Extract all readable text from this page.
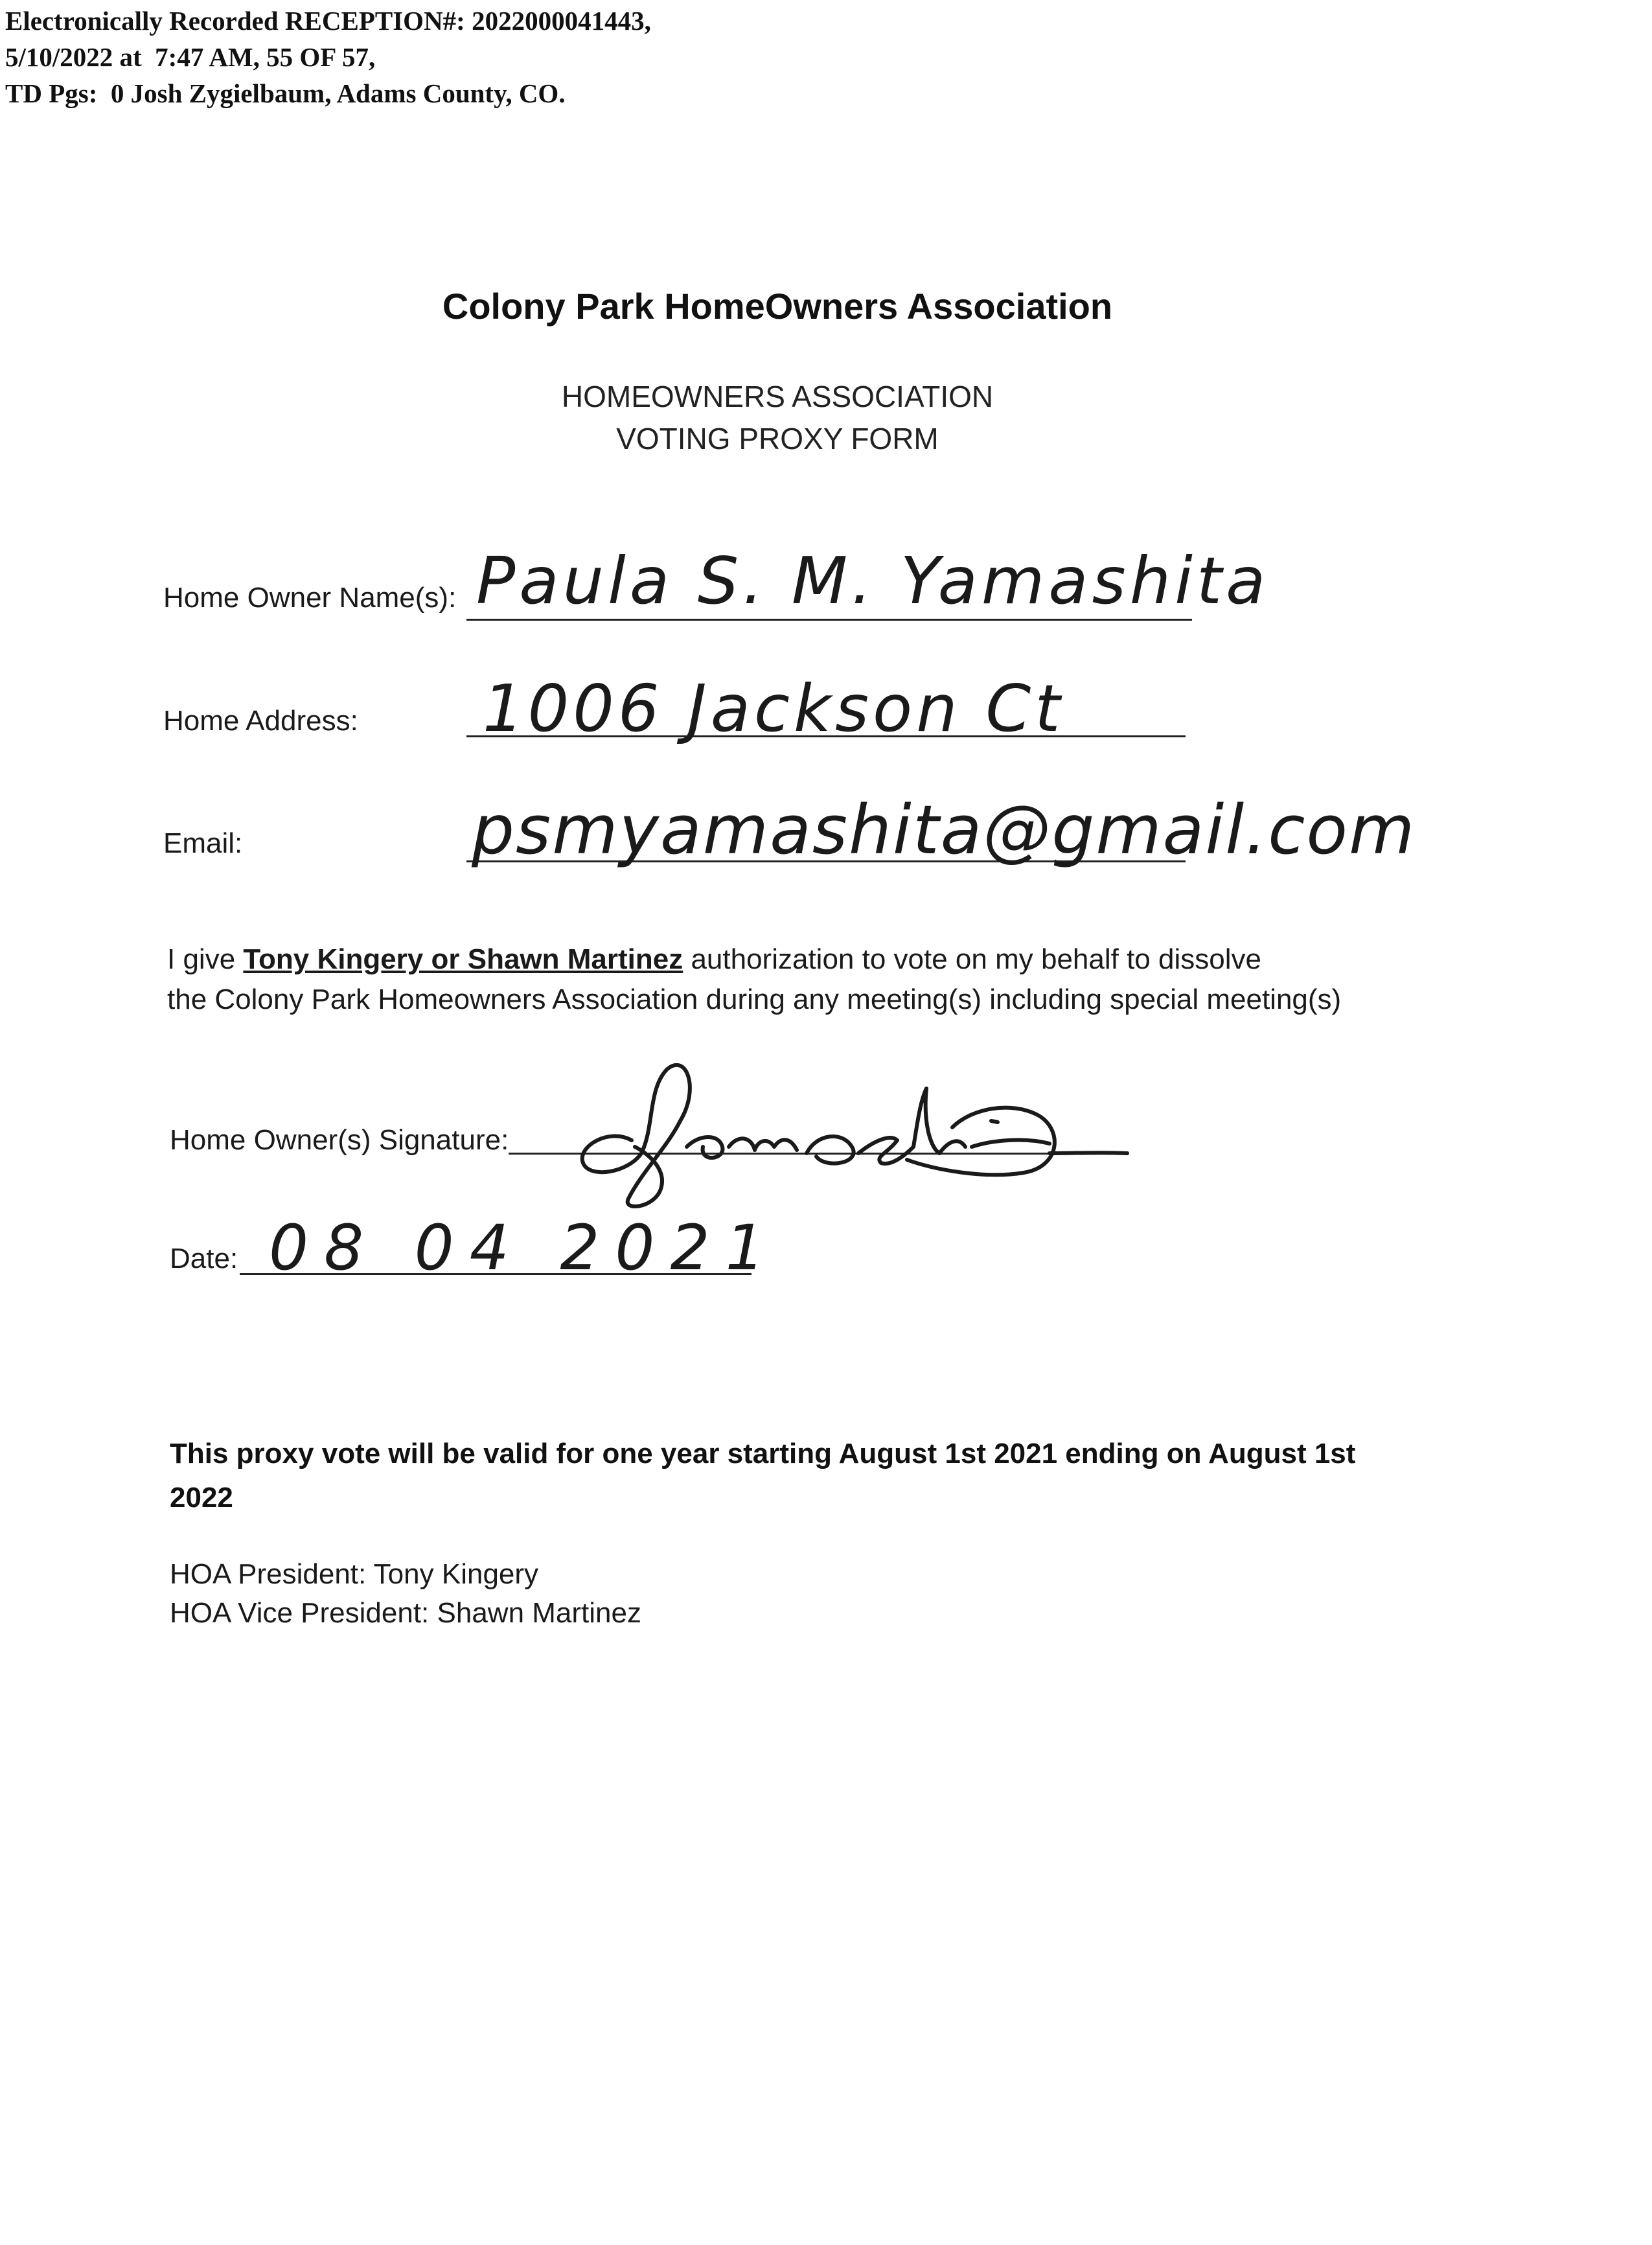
Electronically Recorded RECEPTION#: 2022000041443,
5/10/2022 at  7:47 AM, 55 OF 57,
TD Pgs:  0 Josh Zygielbaum, Adams County, CO.
Colony Park HomeOwners Association
HOMEOWNERS ASSOCIATION
VOTING PROXY FORM
Home Owner Name(s): Paula S. M. Yamashita
Home Address: 1006 Jackson Ct
Email:	psmyamashita@gmail.com
I give Tony Kingery or Shawn Martinez authorization to vote on my behalf to dissolve
the Colony Park Homeowners Association during any meeting(s) including special meeting(s)
Home Owner(s) Signature:
Date: 08 04 2021
This proxy vote will be valid for one year starting August 1st 2021 ending on August 1st 2022
HOA President: Tony Kingery
HOA Vice President: Shawn Martinez
